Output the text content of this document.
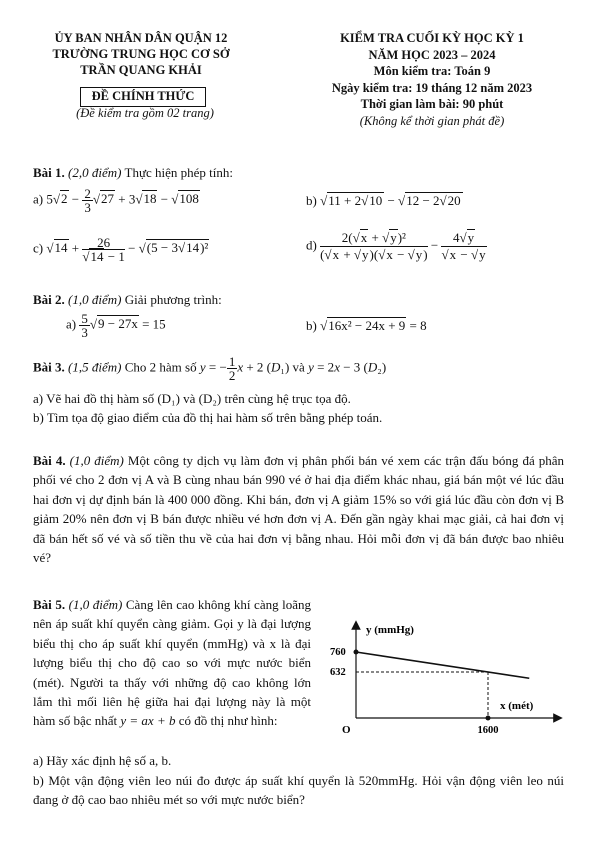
ỦY BAN NHÂN DÂN QUẬN 12
TRƯỜNG TRUNG HỌC CƠ SỞ
TRẦN QUANG KHẢI
ĐỀ CHÍNH THỨC
(Đề kiểm tra gồm 02 trang)
KIỂM TRA CUỐI KỲ HỌC KỲ 1
NĂM HỌC 2023 – 2024
Môn kiểm tra: Toán 9
Ngày kiểm tra: 19 tháng 12 năm 2023
Thời gian làm bài: 90 phút
(Không kể thời gian phát đề)
Bài 1. (2,0 điểm) Thực hiện phép tính:
a) $5√2 - \frac{2}{3} √27 + 3√18 - √108$	b) √11 + 2√10 − √12 − 2√20
c) $√14 + \frac{26}{√14 - 1} - √(5 - 3√14)^2$	$d) \frac{\text{2(√x + √y)²}}{(√x + √y)(√x - √y)} - \frac{4√y}{√x - √y}$
Bài 2. (1,0 điểm) Giải phương trình:
$a) \frac{5}{3} √9 - 27x = 15$	b) √16x² − 24x + 9 = 8
Bài 3. (1,5 điểm) Cho 2 hàm số y = − $\frac{1}{2}$ x + 2 (D₁) và y = 2x − 3 (D₂)
a) Vẽ hai đồ thị hàm số (D₁) và (D₂) trên cùng hệ trục tọa độ.
b) Tìm tọa độ giao điểm của đồ thị hai hàm số trên bằng phép toán.
Bài 4. (1,0 điểm) Một công ty dịch vụ làm đơn vị phân phối bán vé xem các trận đấu bóng đá phân phối vé cho 2 đơn vị A và B cùng nhau bán 990 vé ở hai địa điểm khác nhau, giá bán một vé lúc đầu hai đơn vị dự định bán là 400 000 đồng. Khi bán, đơn vị A giảm 15% so với giá lúc đầu còn đơn vị B giảm 20% nên đơn vị B bán được nhiều vé hơn đơn vị A. Đến gần ngày khai mạc giải, cả hai đơn vị đã bán hết số vé và số tiền thu về của hai đơn vị bằng nhau. Hỏi mỗi đơn vị đã bán được bao nhiêu vé?
Bài 5. (1,0 điểm) Càng lên cao không khí càng loãng nên áp suất khí quyển càng giảm. Gọi y là đại lượng biểu thị cho áp suất khí quyển (mmHg) và x là đại lượng biểu thị cho độ cao so với mực nước biển (mét). Người ta thấy với những độ cao không lớn lắm thì mối liên hệ giữa hai đại lượng này là một hàm số bậc nhất y = ax + b có đồ thị như hình:
y (mmHg)
x (mét)
O
760
632
1600
a) Hãy xác định hệ số a, b.
b) Một vận động viên leo núi đo được áp suất khí quyển là 520mmHg. Hỏi vận động viên leo núi đang ở độ cao bao nhiêu mét so với mực nước biển?
